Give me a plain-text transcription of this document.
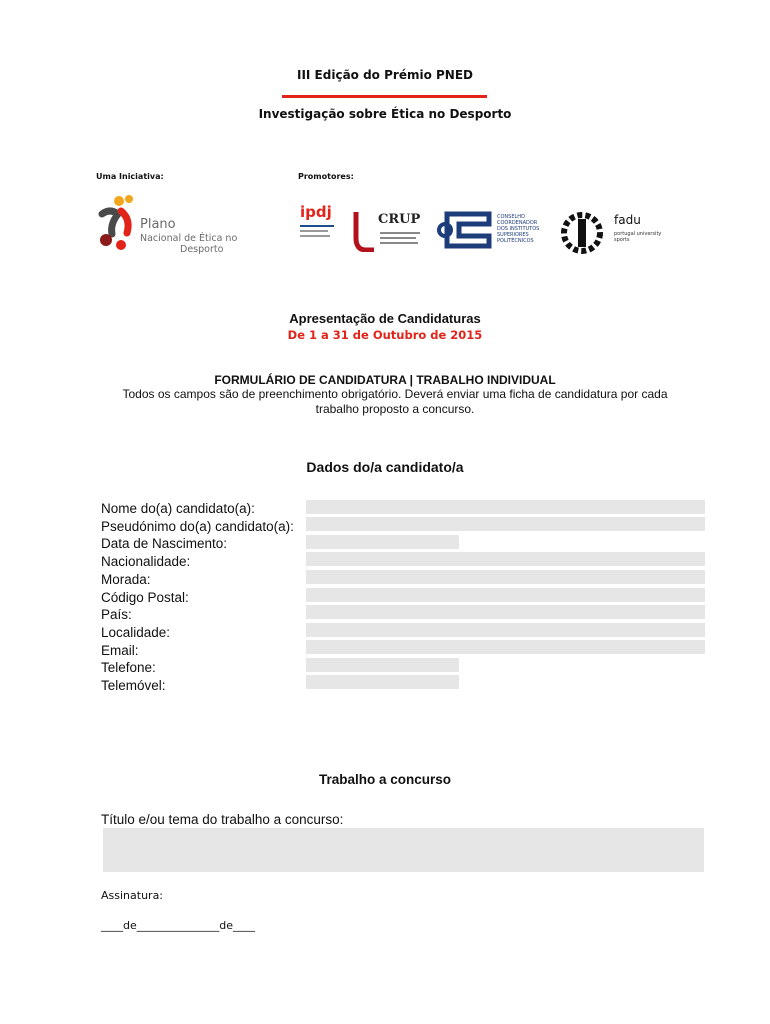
III Edição do Prémio PNED
Investigação sobre Ética no Desporto
Uma Iniciativa:	Promotores:
Plano
Nacional de Ética no
Desporto
ipdj	CRUP	CONSELHO COORDENADOR DOS INSTITUTOS SUPERIORES POLITÉCNICOS
fadu
portugal university sports
Apresentação de Candidaturas
De 1 a 31 de Outubro de 2015
FORMULÁRIO DE CANDIDATURA | TRABALHO INDIVIDUAL
Todos os campos são de preenchimento obrigatório. Deverá enviar uma ficha de candidatura por cada trabalho proposto a concurso.
Dados do/a candidato/a
Nome do(a) candidato(a):
Pseudónimo do(a) candidato(a):
Data de Nascimento:
Nacionalidade:
Morada:
Código Postal:
País:
Localidade:
Email:
Telefone:
Telemóvel:
Trabalho a concurso
Título e/ou tema do trabalho a concurso:
Assinatura:
____de_______________de____
